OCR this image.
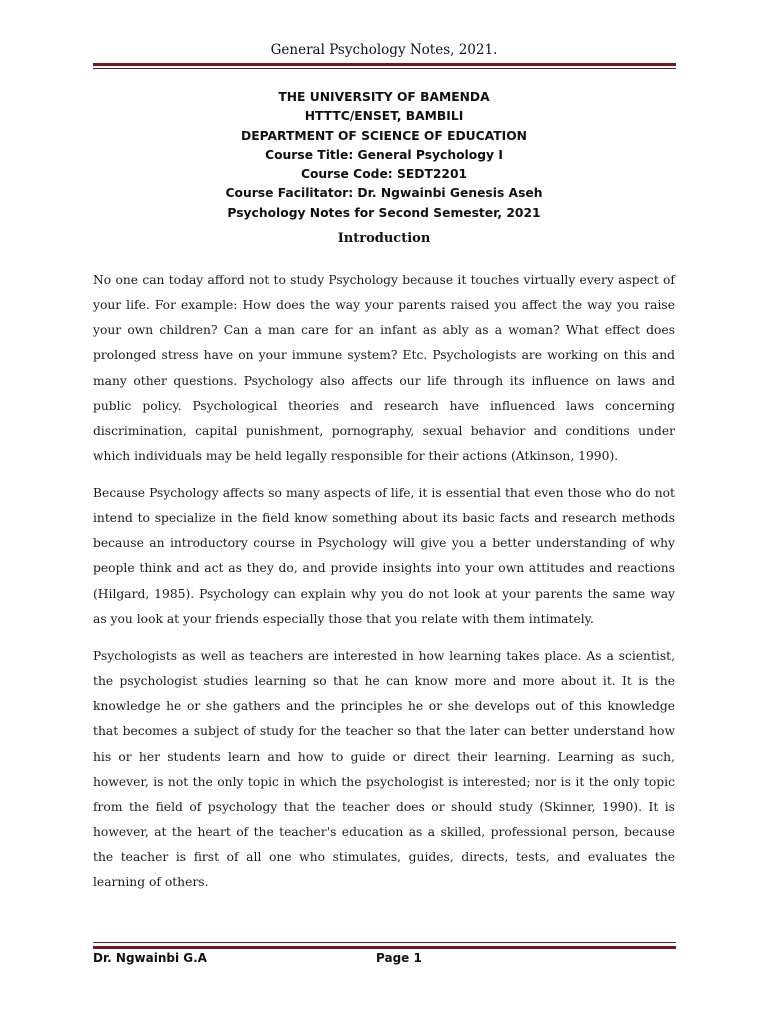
General Psychology Notes, 2021.
THE UNIVERSITY OF BAMENDA
HTTTC/ENSET, BAMBILI
DEPARTMENT OF SCIENCE OF EDUCATION
Course Title: General Psychology I
Course Code: SEDT2201
Course Facilitator: Dr. Ngwainbi Genesis Aseh
Psychology Notes for Second Semester, 2021
Introduction

No one can today afford not to study Psychology because it touches virtually every aspect of your life. For example: How does the way your parents raised you affect the way you raise your own children? Can a man care for an infant as ably as a woman? What effect does prolonged stress have on your immune system? Etc. Psychologists are working on this and many other questions. Psychology also affects our life through its influence on laws and public policy. Psychological theories and research have influenced laws concerning discrimination, capital punishment, pornography, sexual behavior and conditions under which individuals may be held legally responsible for their actions (Atkinson, 1990).

Because Psychology affects so many aspects of life, it is essential that even those who do not intend to specialize in the field know something about its basic facts and research methods because an introductory course in Psychology will give you a better understanding of why people think and act as they do, and provide insights into your own attitudes and reactions (Hilgard, 1985). Psychology can explain why you do not look at your parents the same way as you look at your friends especially those that you relate with them intimately.

Psychologists as well as teachers are interested in how learning takes place. As a scientist, the psychologist studies learning so that he can know more and more about it. It is the knowledge he or she gathers and the principles he or she develops out of this knowledge that becomes a subject of study for the teacher so that the later can better understand how his or her students learn and how to guide or direct their learning. Learning as such, however, is not the only topic in which the psychologist is interested; nor is it the only topic from the field of psychology that the teacher does or should study (Skinner, 1990). It is however, at the heart of the teacher's education as a skilled, professional person, because the teacher is first of all one who stimulates, guides, directs, tests, and evaluates the learning of others.

Dr. Ngwainbi G.A	Page 1
